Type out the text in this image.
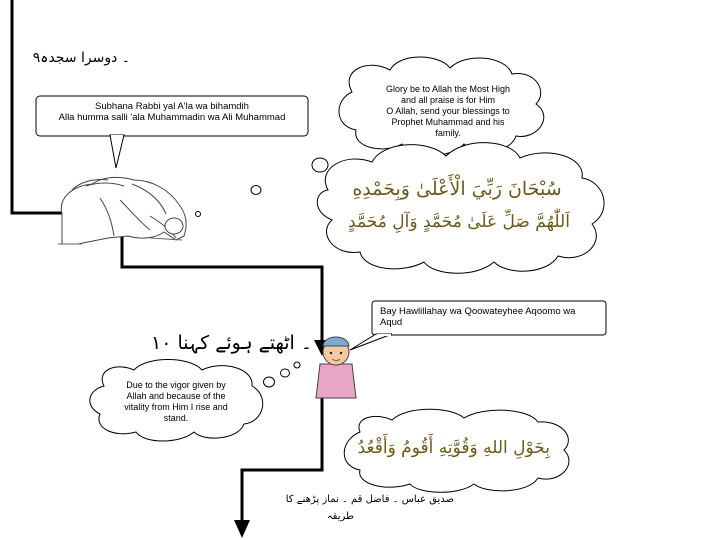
۔ دوسرا سجدہ۹
۔ اٹھتے ہوئے کہنا ۱۰
Subhana Rabbi yal A'la wa bihamdih
Alla humma salli 'ala Muhammadin wa Ali Muhammad
Glory be to Allah the Most High
and all praise is for Him
O Allah, send your blessings to
Prophet Muhammad and his
family.
سُبْحَانَ رَبِّيَ الْأَعْلَىٰ وَبِحَمْدِهِ
اَللّٰهُمَّ صَلِّ عَلَىٰ مُحَمَّدٍ وَآلِ مُحَمَّدٍ
Bay Hawlillahay wa Qoowateyhee Aqoomo wa
Aqud
Due to the vigor given by
Allah and because of the
vitality from Him I rise and
stand.
بِحَوْلِ اللهِ وَقُوَّتِهِ أَقُومُ وَأَقْعُدُ
صدیق عباس ۔ فاضل قم ۔ نماز پڑھنے کا
طریقہ
